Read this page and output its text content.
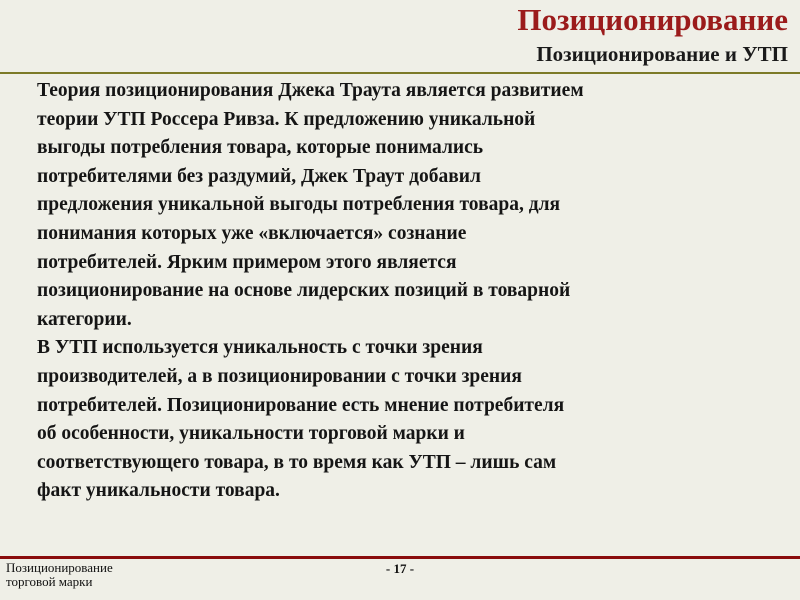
Позиционирование
Позиционирование и УТП

Теория позиционирования Джека Траута является развитием
теории УТП Россера Ривза. К предложению уникальной
выгоды потребления товара, которые понимались
потребителями без раздумий, Джек Траут добавил
предложения уникальной выгоды потребления товара, для
понимания которых уже «включается» сознание
потребителей. Ярким примером этого является
позиционирование на основе лидерских позиций в товарной
категории.

В УТП используется уникальность с точки зрения
производителей, а в позиционировании с точки зрения
потребителей. Позиционирование есть мнение потребителя
об особенности, уникальности торговой марки и
соответствующего товара, в то время как УТП – лишь сам
факт уникальности товара.

Позиционирование
торговой марки
- 17 -
